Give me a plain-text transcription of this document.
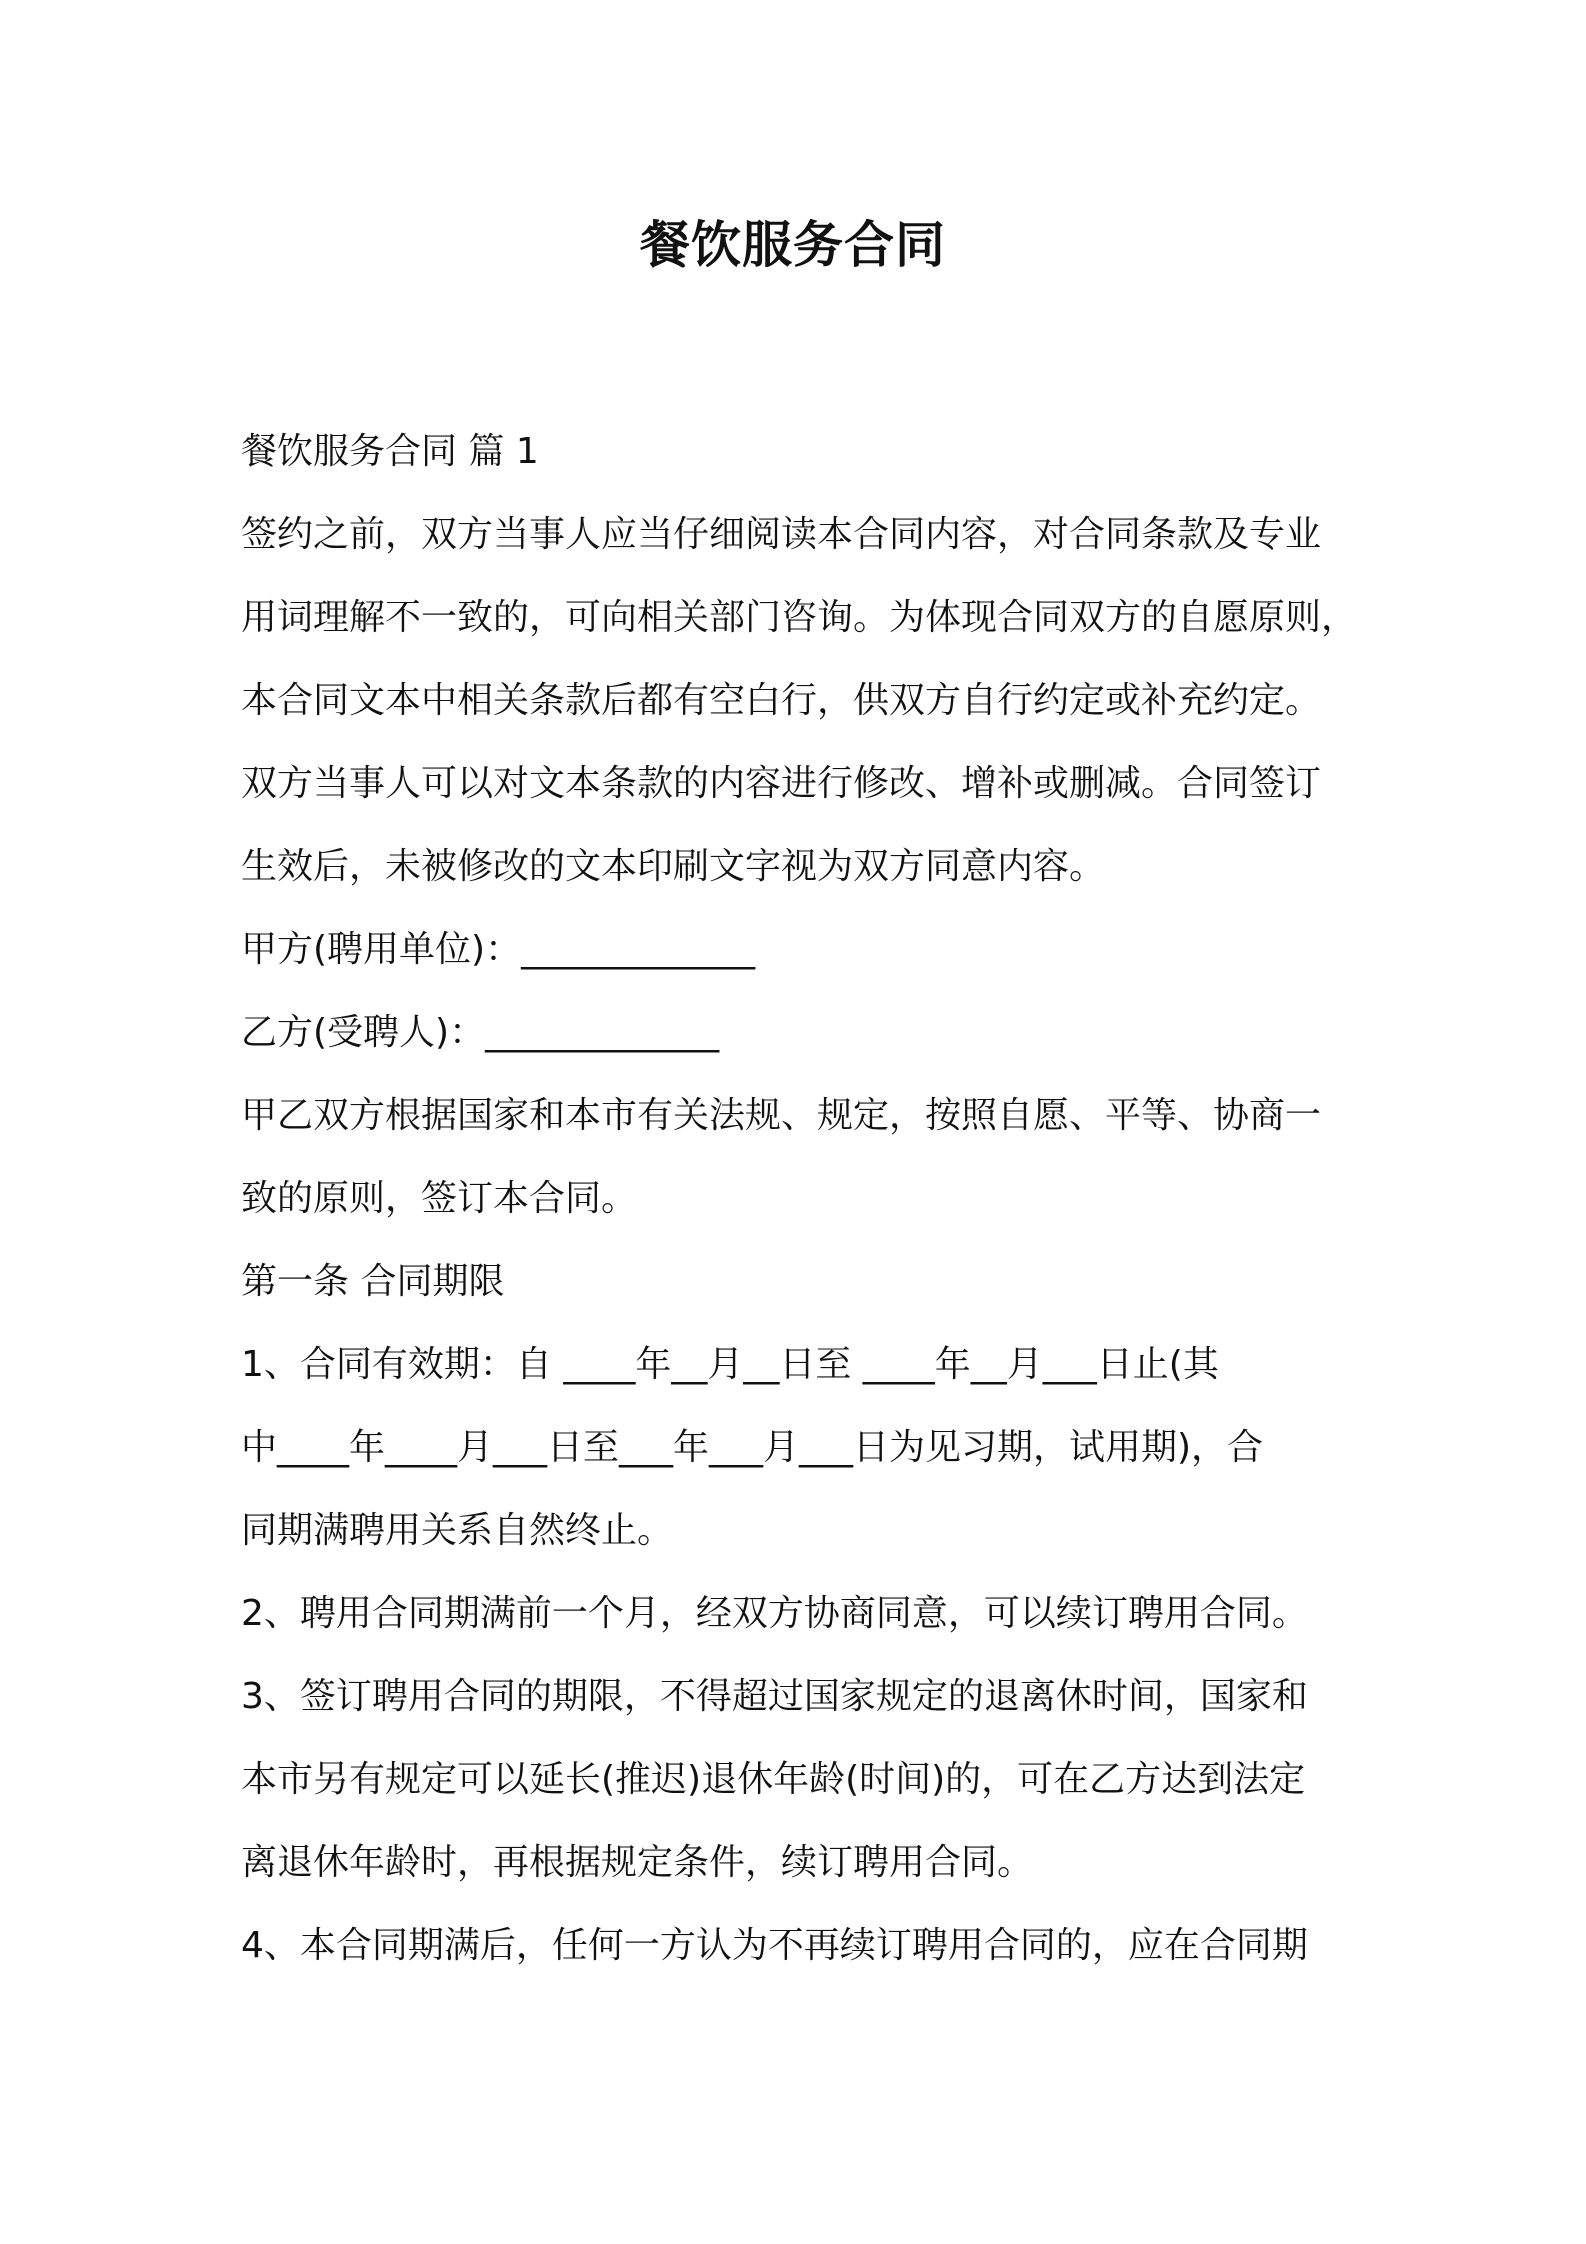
餐饮服务合同

餐饮服务合同 篇 1

签约之前，双方当事人应当仔细阅读本合同内容，对合同条款及专业

用词理解不一致的，可向相关部门咨询。为体现合同双方的自愿原则，

本合同文本中相关条款后都有空白行，供双方自行约定或补充约定。

双方当事人可以对文本条款的内容进行修改、增补或删减。合同签订

生效后，未被修改的文本印刷文字视为双方同意内容。

甲方(聘用单位)：_____________

乙方(受聘人)：_____________

甲乙双方根据国家和本市有关法规、规定，按照自愿、平等、协商一

致的原则，签订本合同。

第一条 合同期限

1、合同有效期：自 ____年__月__日至 ____年__月___日止(其

中____年____月___日至___年___月___日为见习期，试用期)，合

同期满聘用关系自然终止。

2、聘用合同期满前一个月，经双方协商同意，可以续订聘用合同。

3、签订聘用合同的期限，不得超过国家规定的退离休时间，国家和

本市另有规定可以延长(推迟)退休年龄(时间)的，可在乙方达到法定

离退休年龄时，再根据规定条件，续订聘用合同。

4、本合同期满后，任何一方认为不再续订聘用合同的，应在合同期
